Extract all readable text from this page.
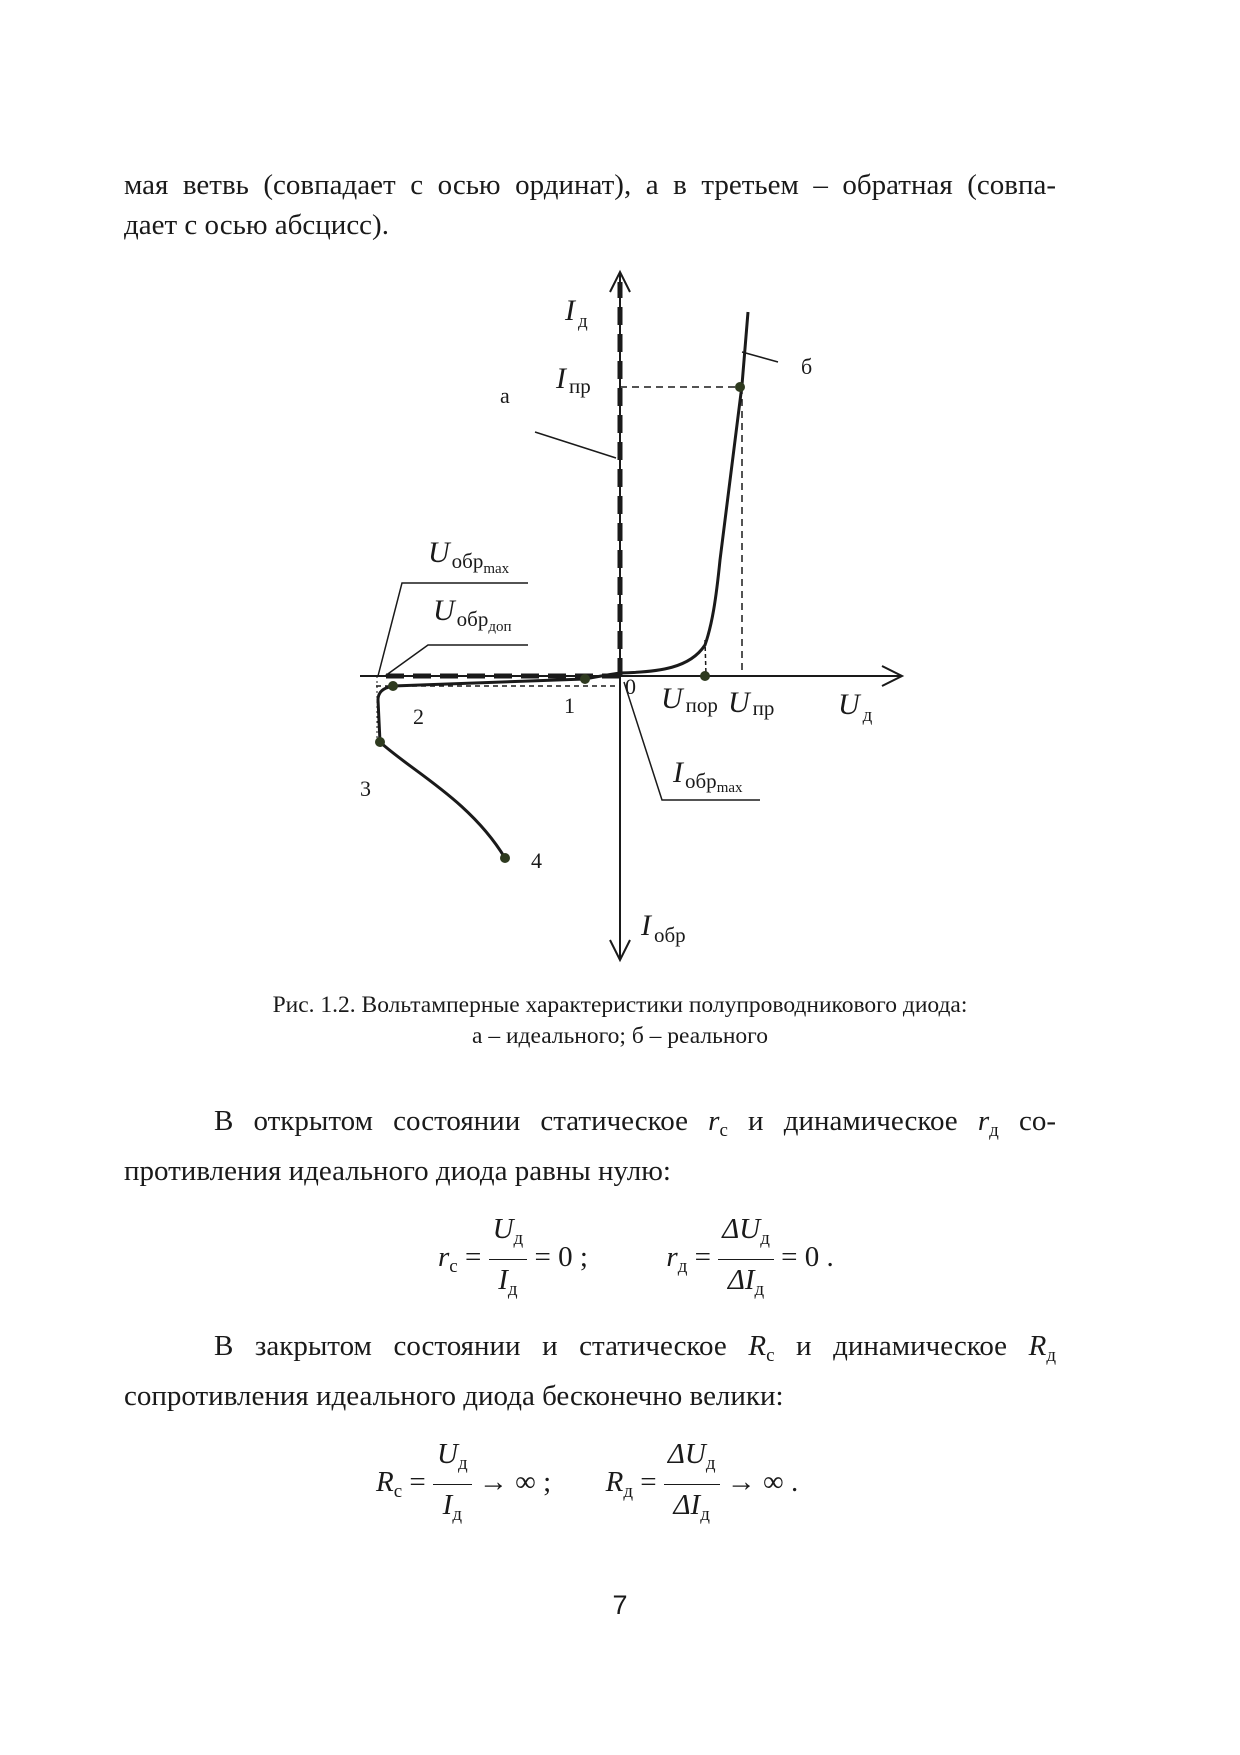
мая ветвь (совпадает с осью ординат), а в третьем – обратная (совпа-
дает с осью абсцисс).
I $_д$
I пр
а
б
$U_{обр}\max$
$U_{обр}доп$
0 U пор U пр U $_д$
1
2
3
4
$I_{обр}\max$
I $_{обр}$
Рис. 1.2. Вольтамперные характеристики полупроводникового диода:
а – идеального; б – реального
В открытом состоянии статическое $r_c$ и динамическое $r_д$ со-
противления идеального диода равны нулю:
$r_c = \frac{U_д}{I_д} = 0$ ;	$r_д = \frac{\Delta U_д}{\Delta I_д} = 0$ .
В закрытом состоянии и статическое $R_c$ и динамическое $R_д$
сопротивления идеального диода бесконечно велики:
$R_c = \frac{U_д}{I_д}$ → ∞ ; $R_д = \frac{\Delta U_д}{\Delta I_д}$ → ∞ .
7
